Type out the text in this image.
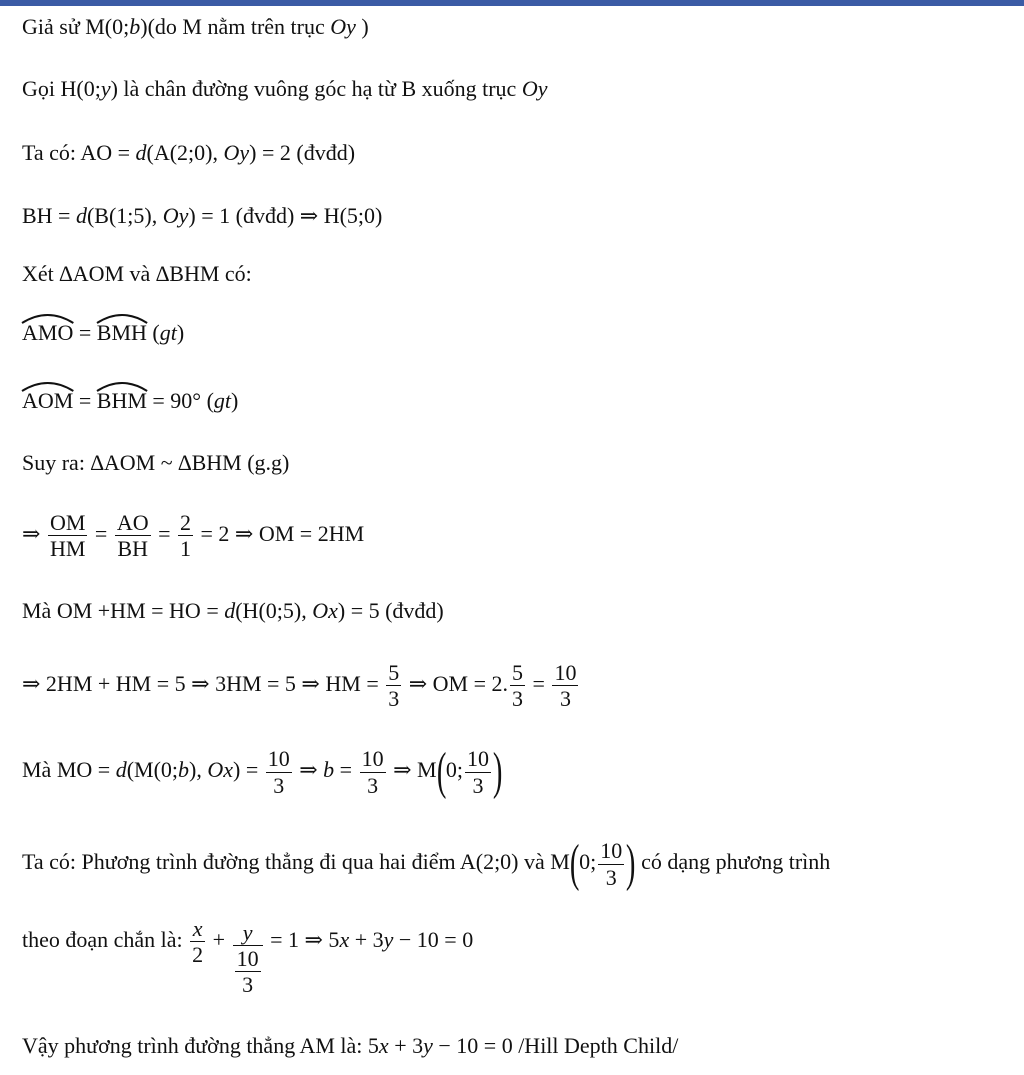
Giả sử M(0;b)(do M nằm trên trục Oy )
Gọi H(0;y) là chân đường vuông góc hạ từ B xuống trục Oy
Ta có: AO = d(A(2;0), Oy) = 2 (đvđd)
BH = d(B(1;5), Oy) = 1 (đvđd) ⇒ H(5;0)
Xét ∆AOM và ∆BHM có:
AMO =
BMH (gt)
AOM =
BHM = 90° (gt)
Suy ra: ∆AOM ~ ∆BHM (g.g)
⇒ $\frac{OM}{HM} = \frac{AO}{BH} = \frac{2}{1} = 2$ ⇒ OM = 2HM
Mà OM +HM = HO = d(H(0;5), Ox) = 5 (đvđd)
⇒ 2HM + HM = 5 ⇒ 3HM = 5 ⇒ HM = $\frac{5}{3}$ ⇒ OM = 2. $\frac{5}{3} = \frac{10}{3}$
Mà MO = d(M(0;b), $Ox) = \frac{10}{3}$ ⇒ $b = \frac{10}{3}$ ⇒ M(0; $\frac{10}{3}$ )
Ta có: Phương trình đường thẳng đi qua hai điểm A(2;0) và M(0; $\frac{10}{3}$ ) có dạng phương trình
theo đoạn chắn là: $\frac{x}{2} + \frac{y}{\frac{10}{3}} = 1$ ⇒ 5x + 3y − 10 = 0
Vậy phương trình đường thẳng AM là: 5x + 3y − 10 = 0 /Hill Depth Child/
